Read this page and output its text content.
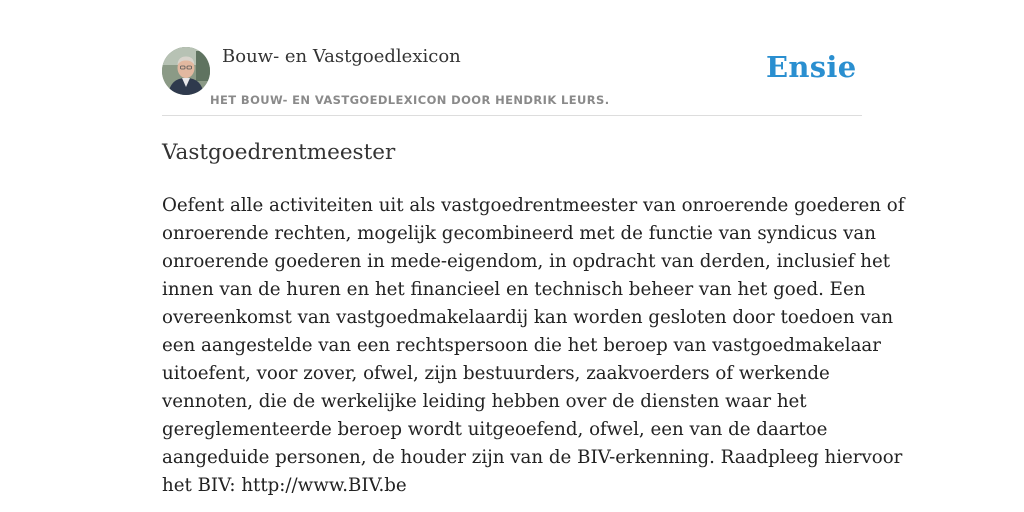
Bouw- en Vastgoedlexicon	Ensie
HET BOUW- EN VASTGOEDLEXICON DOOR HENDRIK LEURS.
Vastgoedrentmeester

Oefent alle activiteiten uit als vastgoedrentmeester van onroerende goederen of
onroerende rechten, mogelijk gecombineerd met de functie van syndicus van
onroerende goederen in mede-eigendom, in opdracht van derden, inclusief het
innen van de huren en het financieel en technisch beheer van het goed. Een
overeenkomst van vastgoedmakelaardij kan worden gesloten door toedoen van
een aangestelde van een rechtspersoon die het beroep van vastgoedmakelaar
uitoefent, voor zover, ofwel, zijn bestuurders, zaakvoerders of werkende
vennoten, die de werkelijke leiding hebben over de diensten waar het
gereglementeerde beroep wordt uitgeoefend, ofwel, een van de daartoe
aangeduide personen, de houder zijn van de BIV-erkenning. Raadpleeg hiervoor
het BIV: http://www.BIV.be
